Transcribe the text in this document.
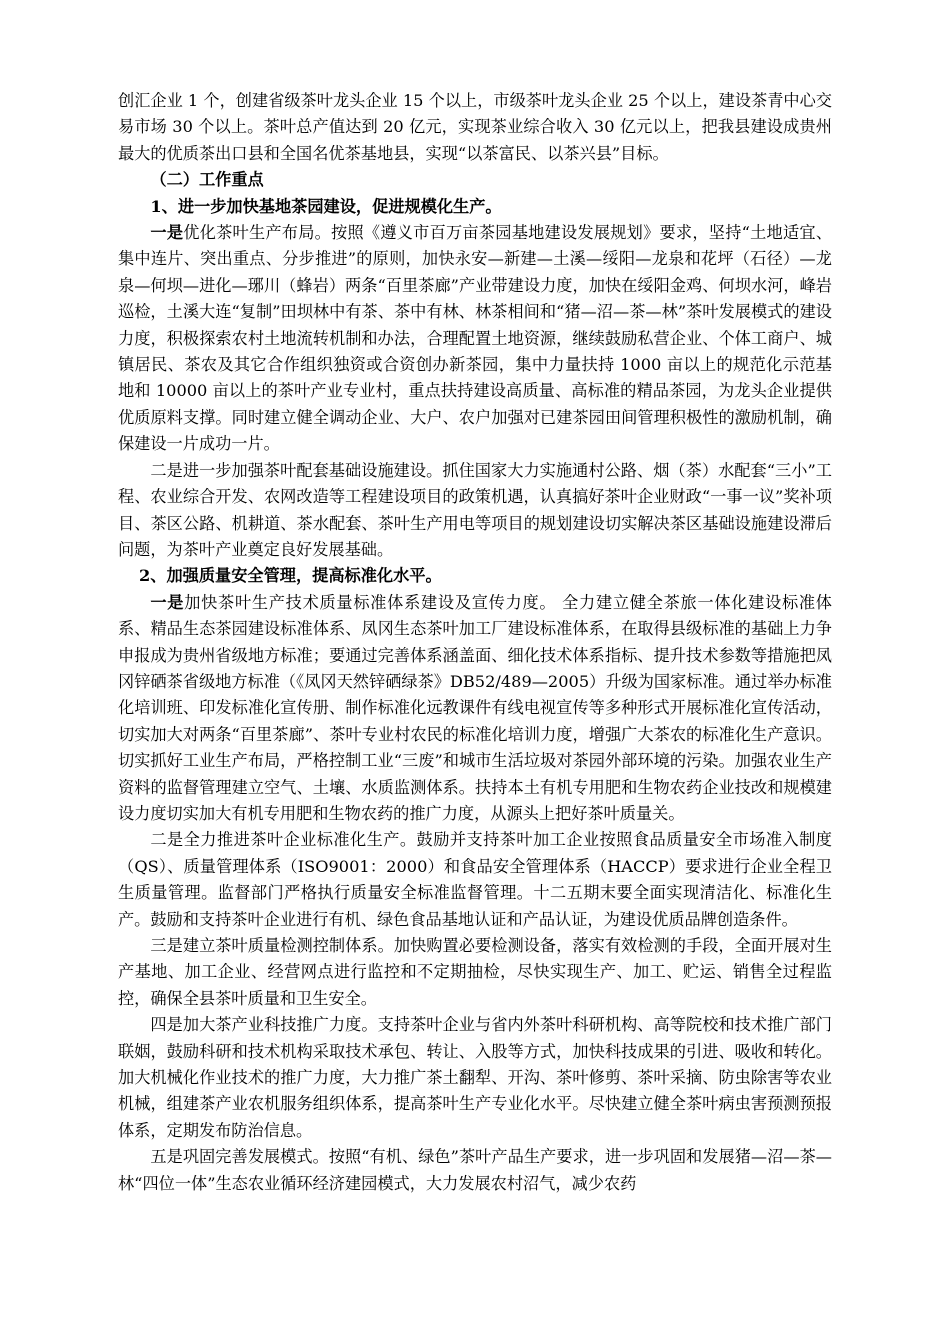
创汇企业 1 个，创建省级茶叶龙头企业 15 个以上，市级茶叶龙头企业 25 个以上，建设茶青中心交易市场 30 个以上。茶叶总产值达到 20 亿元，实现茶业综合收入 30 亿元以上，把我县建设成贵州最大的优质茶出口县和全国名优茶基地县，实现“以茶富民、以茶兴县”目标。

（二）工作重点

1、进一步加快基地茶园建设，促进规模化生产。

一是优化茶叶生产布局。按照《遵义市百万亩茶园基地建设发展规划》要求，坚持“土地适宜、集中连片、突出重点、分步推进”的原则，加快永安—新建—土溪—绥阳—龙泉和花坪（石径）—龙泉—何坝—进化—琊川（蜂岩）两条“百里茶廊”产业带建设力度，加快在绥阳金鸡、何坝水河，峰岩巡检，土溪大连“复制”田坝林中有茶、茶中有林、林茶相间和“猪—沼—茶—林”茶叶发展模式的建设力度，积极探索农村土地流转机制和办法，合理配置土地资源，继续鼓励私营企业、个体工商户、城镇居民、茶农及其它合作组织独资或合资创办新茶园，集中力量扶持 1000 亩以上的规范化示范基地和 10000 亩以上的茶叶产业专业村，重点扶持建设高质量、高标准的精品茶园，为龙头企业提供优质原料支撑。同时建立健全调动企业、大户、农户加强对已建茶园田间管理积极性的激励机制，确保建设一片成功一片。

二是进一步加强茶叶配套基础设施建设。抓住国家大力实施通村公路、烟（茶）水配套“三小”工程、农业综合开发、农网改造等工程建设项目的政策机遇，认真搞好茶叶企业财政“一事一议”奖补项目、茶区公路、机耕道、茶水配套、茶叶生产用电等项目的规划建设切实解决茶区基础设施建设滞后问题，为茶叶产业奠定良好发展基础。

2、加强质量安全管理，提高标准化水平。

一是加快茶叶生产技术质量标准体系建设及宣传力度。 全力建立健全茶旅一体化建设标准体系、精品生态茶园建设标准体系、凤冈生态茶叶加工厂建设标准体系，在取得县级标准的基础上力争申报成为贵州省级地方标准；要通过完善体系涵盖面、细化技术体系指标、提升技术参数等措施把凤冈锌硒茶省级地方标准（《凤冈天然锌硒绿茶》DB52/489—2005）升级为国家标准。通过举办标准化培训班、印发标准化宣传册、制作标准化远教课件有线电视宣传等多种形式开展标准化宣传活动，切实加大对两条“百里茶廊”、茶叶专业村农民的标准化培训力度，增强广大茶农的标准化生产意识。切实抓好工业生产布局，严格控制工业“三废”和城市生活垃圾对茶园外部环境的污染。加强农业生产资料的监督管理建立空气、土壤、水质监测体系。扶持本土有机专用肥和生物农药企业技改和规模建设力度切实加大有机专用肥和生物农药的推广力度，从源头上把好茶叶质量关。

二是全力推进茶叶企业标准化生产。鼓励并支持茶叶加工企业按照食品质量安全市场准入制度（QS）、质量管理体系（ISO9001：2000）和食品安全管理体系（HACCP）要求进行企业全程卫生质量管理。监督部门严格执行质量安全标准监督管理。十二五期末要全面实现清洁化、标准化生产。鼓励和支持茶叶企业进行有机、绿色食品基地认证和产品认证，为建设优质品牌创造条件。

三是建立茶叶质量检测控制体系。加快购置必要检测设备，落实有效检测的手段，全面开展对生产基地、加工企业、经营网点进行监控和不定期抽检，尽快实现生产、加工、贮运、销售全过程监控，确保全县茶叶质量和卫生安全。

四是加大茶产业科技推广力度。支持茶叶企业与省内外茶叶科研机构、高等院校和技术推广部门联姻，鼓励科研和技术机构采取技术承包、转让、入股等方式，加快科技成果的引进、吸收和转化。加大机械化作业技术的推广力度，大力推广茶土翻犁、开沟、茶叶修剪、茶叶采摘、防虫除害等农业机械，组建茶产业农机服务组织体系，提高茶叶生产专业化水平。尽快建立健全茶叶病虫害预测预报体系，定期发布防治信息。

五是巩固完善发展模式。按照“有机、绿色”茶叶产品生产要求，进一步巩固和发展猪—沼—茶—林“四位一体”生态农业循环经济建园模式，大力发展农村沼气，减少农药
